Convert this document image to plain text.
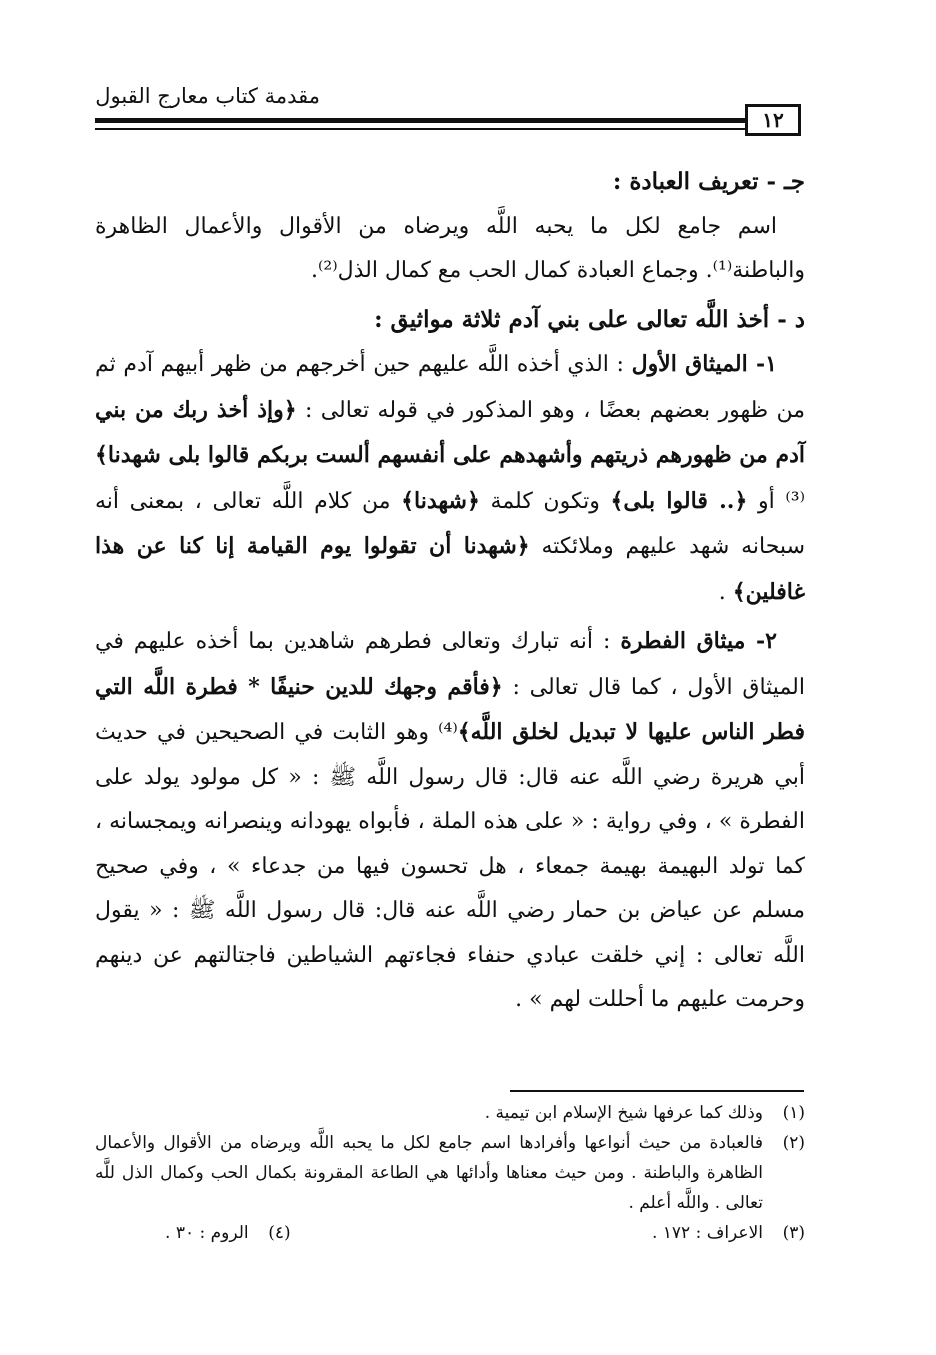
مقدمة كتاب معارج القبول
١٢

جـ - تعريف العبادة :

اسم جامع لكل ما يحبه اللَّه ويرضاه من الأقوال والأعمال الظاهرة والباطنة⁽¹⁾. وجماع العبادة كمال الحب مع كمال الذل⁽²⁾.

د - أخذ اللَّه تعالى على بني آدم ثلاثة مواثيق :

١- الميثاق الأول : الذي أخذه اللَّه عليهم حين أخرجهم من ظهر أبيهم آدم ثم من ظهور بعضهم بعضًا ، وهو المذكور في قوله تعالى : ﴿وإذ أخذ ربك من بني آدم من ظهورهم ذريتهم وأشهدهم على أنفسهم ألست بربكم قالوا بلى شهدنا﴾⁽³⁾ أو ﴿.. قالوا بلى﴾ وتكون كلمة ﴿شهدنا﴾ من كلام اللَّه تعالى ، بمعنى أنه سبحانه شهد عليهم وملائكته ﴿شهدنا أن تقولوا يوم القيامة إنا كنا عن هذا غافلين﴾ .

٢- ميثاق الفطرة : أنه تبارك وتعالى فطرهم شاهدين بما أخذه عليهم في الميثاق الأول ، كما قال تعالى : ﴿فأقم وجهك للدين حنيفًا * فطرة اللَّه التي فطر الناس عليها لا تبديل لخلق اللَّه﴾⁽⁴⁾ وهو الثابت في الصحيحين في حديث أبي هريرة رضي اللَّه عنه قال: قال رسول اللَّه ﷺ : « كل مولود يولد على الفطرة » ، وفي رواية : « على هذه الملة ، فأبواه يهودانه وينصرانه ويمجسانه ، كما تولد البهيمة بهيمة جمعاء ، هل تحسون فيها من جدعاء » ، وفي صحيح مسلم عن عياض بن حمار رضي اللَّه عنه قال: قال رسول اللَّه ﷺ : « يقول اللَّه تعالى : إني خلقت عبادي حنفاء فجاءتهم الشياطين فاجتالتهم عن دينهم وحرمت عليهم ما أحللت لهم » .

(١)
وذلك كما عرفها شيخ الإسلام ابن تيمية .
(٢)
فالعبادة من حيث أنواعها وأفرادها اسم جامع لكل ما يحبه اللَّه ويرضاه من الأقوال والأعمال الظاهرة والباطنة . ومن حيث معناها وأدائها هي الطاعة المقرونة بكمال الحب وكمال الذل للَّه تعالى . واللَّه أعلم .
(٣)
الاعراف : ١٧٢ .
(٤)
الروم : ٣٠ .
